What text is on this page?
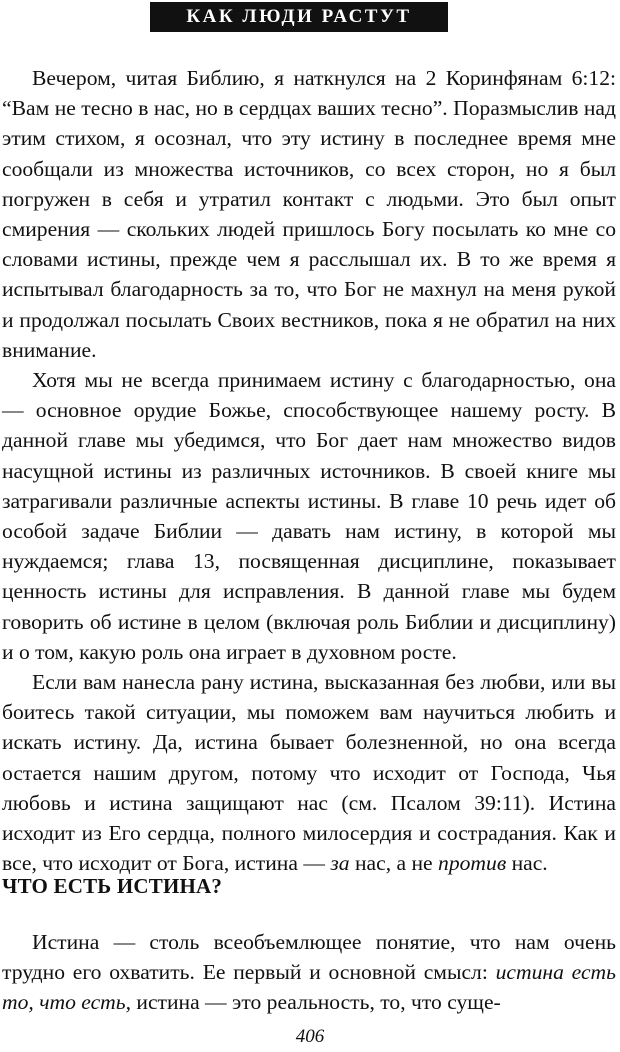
КАК ЛЮДИ РАСТУТ

Вечером, читая Библию, я наткнулся на 2 Коринфянам 6:12: “Вам не тесно в нас, но в сердцах ваших тесно”. Поразмыслив над этим стихом, я осознал, что эту истину в последнее время мне сообщали из множества источников, со всех сторон, но я был погружен в себя и утратил контакт с людьми. Это был опыт смирения — скольких людей пришлось Богу посылать ко мне со словами истины, прежде чем я расслышал их. В то же время я испытывал благодарность за то, что Бог не махнул на меня рукой и продолжал посылать Своих вестников, пока я не обратил на них внимание.

Хотя мы не всегда принимаем истину с благодарностью, она — основное орудие Божье, способствующее нашему росту. В данной главе мы убедимся, что Бог дает нам множество видов насущной истины из различных источников. В своей книге мы затрагивали различные аспекты истины. В главе 10 речь идет об особой задаче Библии — давать нам истину, в которой мы нуждаемся; глава 13, посвященная дисциплине, показывает ценность истины для исправления. В данной главе мы будем говорить об истине в целом (включая роль Библии и дисциплину) и о том, какую роль она играет в духовном росте.

Если вам нанесла рану истина, высказанная без любви, или вы боитесь такой ситуации, мы поможем вам научиться любить и искать истину. Да, истина бывает болезненной, но она всегда остается нашим другом, потому что исходит от Господа, Чья любовь и истина защищают нас (см. Псалом 39:11). Истина исходит из Его сердца, полного милосердия и сострадания. Как и все, что исходит от Бога, истина — за нас, а не против нас.

ЧТО ЕСТЬ ИСТИНА?

Истина — столь всеобъемлющее понятие, что нам очень трудно его охватить. Ее первый и основной смысл: истина есть то, что есть, истина — это реальность, то, что суще-

406
